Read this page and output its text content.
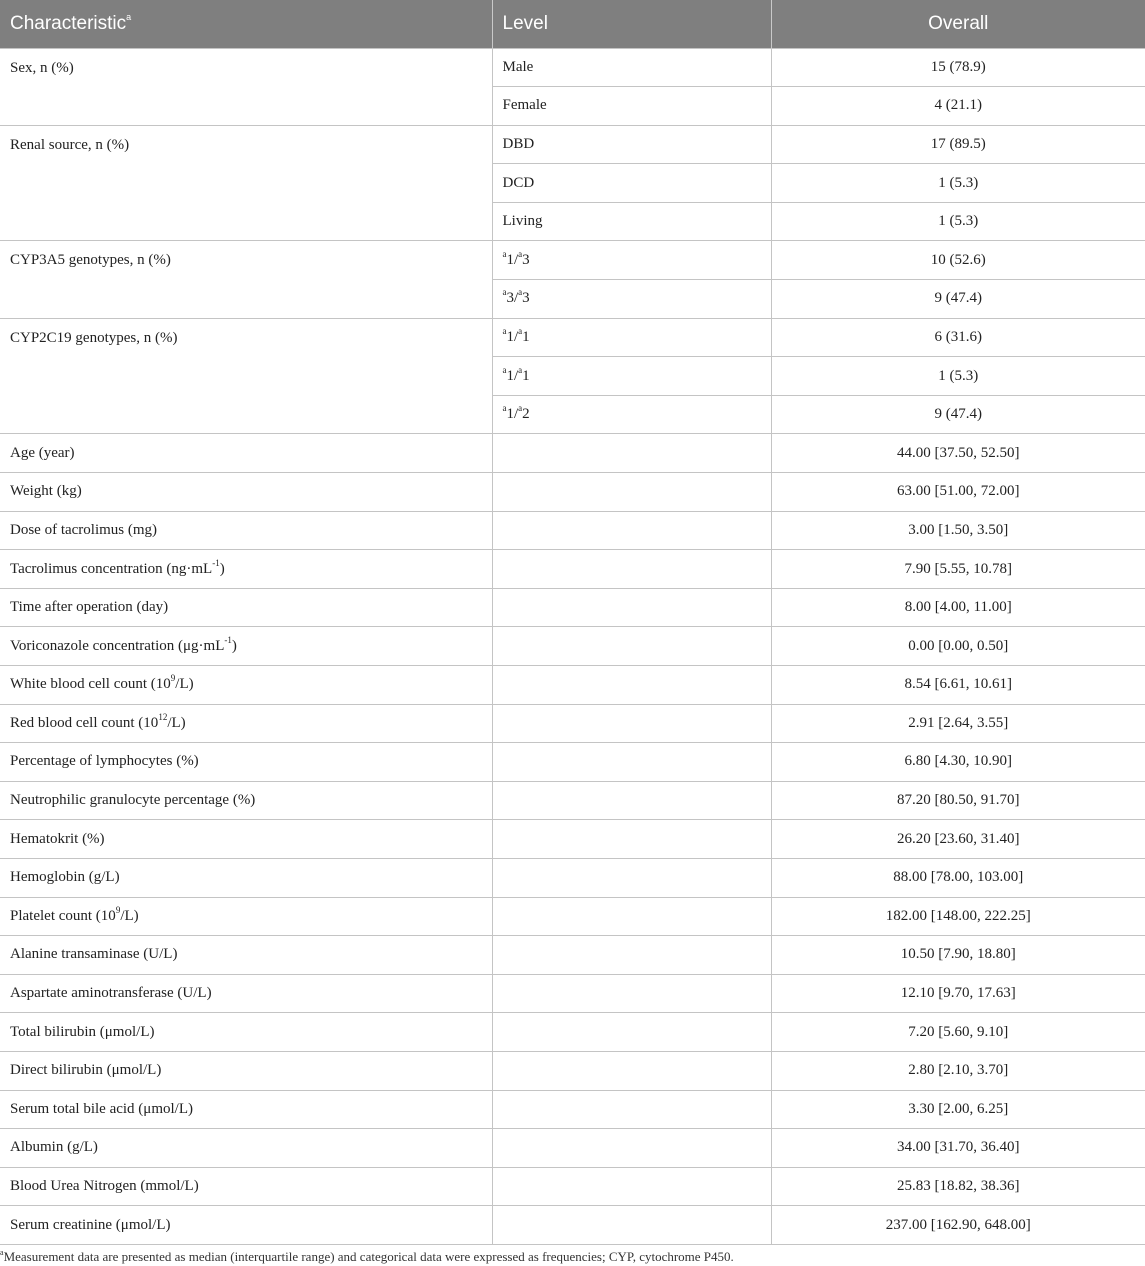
Characteristic$^a$	Level	Overall
Sex, n (%)	Male	15 (78.9)
	Female	4 (21.1)
Renal source, n (%)	DBD	17 (89.5)
	DCD	1 (5.3)
	Living	1 (5.3)
CYP3A5 genotypes, n (%)	$^a$1/$^a$3	10 (52.6)
	$^a$3/$^a$3	9 (47.4)
CYP2C19 genotypes, n (%)	$^a$1/$^a$1	6 (31.6)
	$^a$1/$^a$1	1 (5.3)
	$^a$1/$^a$2	9 (47.4)
Age (year)		44.00 [37.50, 52.50]
Weight (kg)		63.00 [51.00, 72.00]
Dose of tacrolimus (mg)		3.00 [1.50, 3.50]
Tacrolimus concentration $(ng\cdot mL^{-1})$		7.90 [5.55, 10.78]
Time after operation (day)		8.00 [4.00, 11.00]
Voriconazole concentration $(\mu g\cdot mL^{-1})$		0.00 [0.00, 0.50]
White blood cell count $(10^9/L)$		8.54 [6.61, 10.61]
Red blood cell count $(10^{12}/L)$		2.91 [2.64, 3.55]
Percentage of lymphocytes (%)		6.80 [4.30, 10.90]
Neutrophilic granulocyte percentage (%)		87.20 [80.50, 91.70]
Hematokrit (%)		26.20 [23.60, 31.40]
Hemoglobin (g/L)		88.00 [78.00, 103.00]
Platelet count $(10^9/L)$		182.00 [148.00, 222.25]
Alanine transaminase (U/L)		10.50 [7.90, 18.80]
Aspartate aminotransferase (U/L)		12.10 [9.70, 17.63]
Total bilirubin (μmol/L)		7.20 [5.60, 9.10]
Direct bilirubin (μmol/L)		2.80 [2.10, 3.70]
Serum total bile acid (μmol/L)		3.30 [2.00, 6.25]
Albumin (g/L)		34.00 [31.70, 36.40]
Blood Urea Nitrogen (mmol/L)		25.83 [18.82, 38.36]
Serum creatinine (μmol/L)		237.00 [162.90, 648.00]
$^a$Measurement data are presented as median (interquartile range) and categorical data were expressed as frequencies; CYP, cytochrome P450.
